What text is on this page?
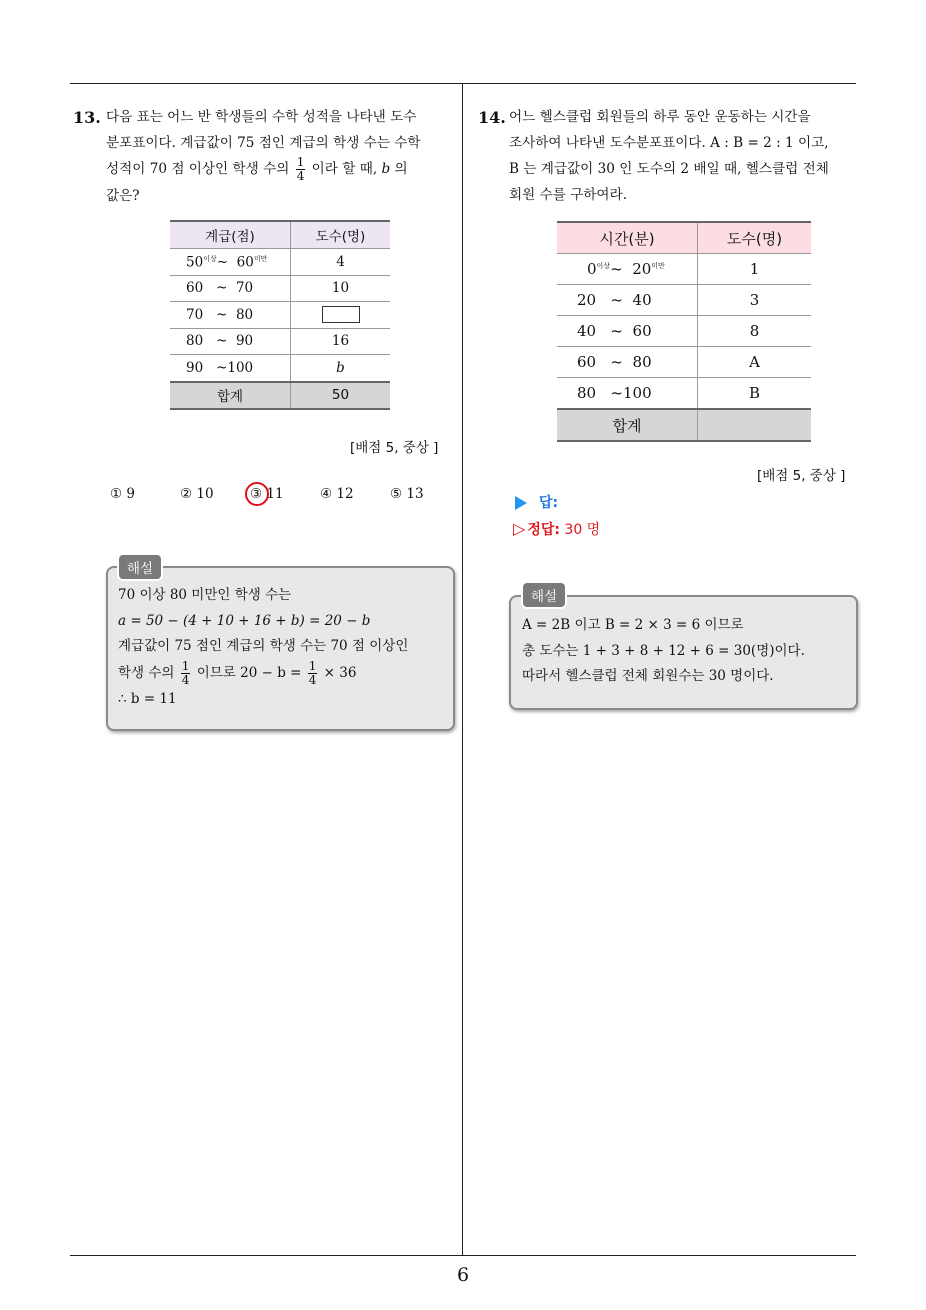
13. 다음 표는 어느 반 학생들의 수학 성적을 나타낸 도수
분포표이다. 계급값이 75 점인 계급의 학생 수는 수학
성적이 70 점 이상인 학생 수의 $\frac{1}{4}$ 이라 할 때, b 의
값은?
계급(점)	도수(명)
$50^{이상}\sim$ $60^{미만}$	4
60 ~ 70	10
70 ~ 80	
80 ~ 90	16
90 ~100	b
합계	50
[배점 5, 중상 ]
① 9	② 10	③ 11	④ 12	⑤ 13
해설
70 이상 80 미만인 학생 수는
a = 50 − (4 + 10 + 16 + b) = 20 − b
계급값이 75 점인 계급의 학생 수는 70 점 이상인
학생 수의 $\frac{1}{4}$ 이므로 $20 - b = \frac{1}{4} \times 36$
∴ b = 11
14. 어느 헬스클럽 회원들의 하루 동안 운동하는 시간을
조사하여 나타낸 도수분포표이다. A : B = 2 : 1 이고,
B 는 계급값이 30 인 도수의 2 배일 때, 헬스클럽 전체
회원 수를 구하여라.
시간(분)	도수(명)
$0^{이상}\sim$ $20^{미만}$	1
20 ~ 40	3
40 ~ 60	8
60 ~ 80	A
80 ~100	B
합계	
[배점 5, 중상 ]
답:
▷ 정답: 30 명
해설
A = 2B 이고 B = 2 × 3 = 6 이므로
총 도수는 1 + 3 + 8 + 12 + 6 = 30(명)이다.
따라서 헬스클럽 전체 회원수는 30 명이다.
6
